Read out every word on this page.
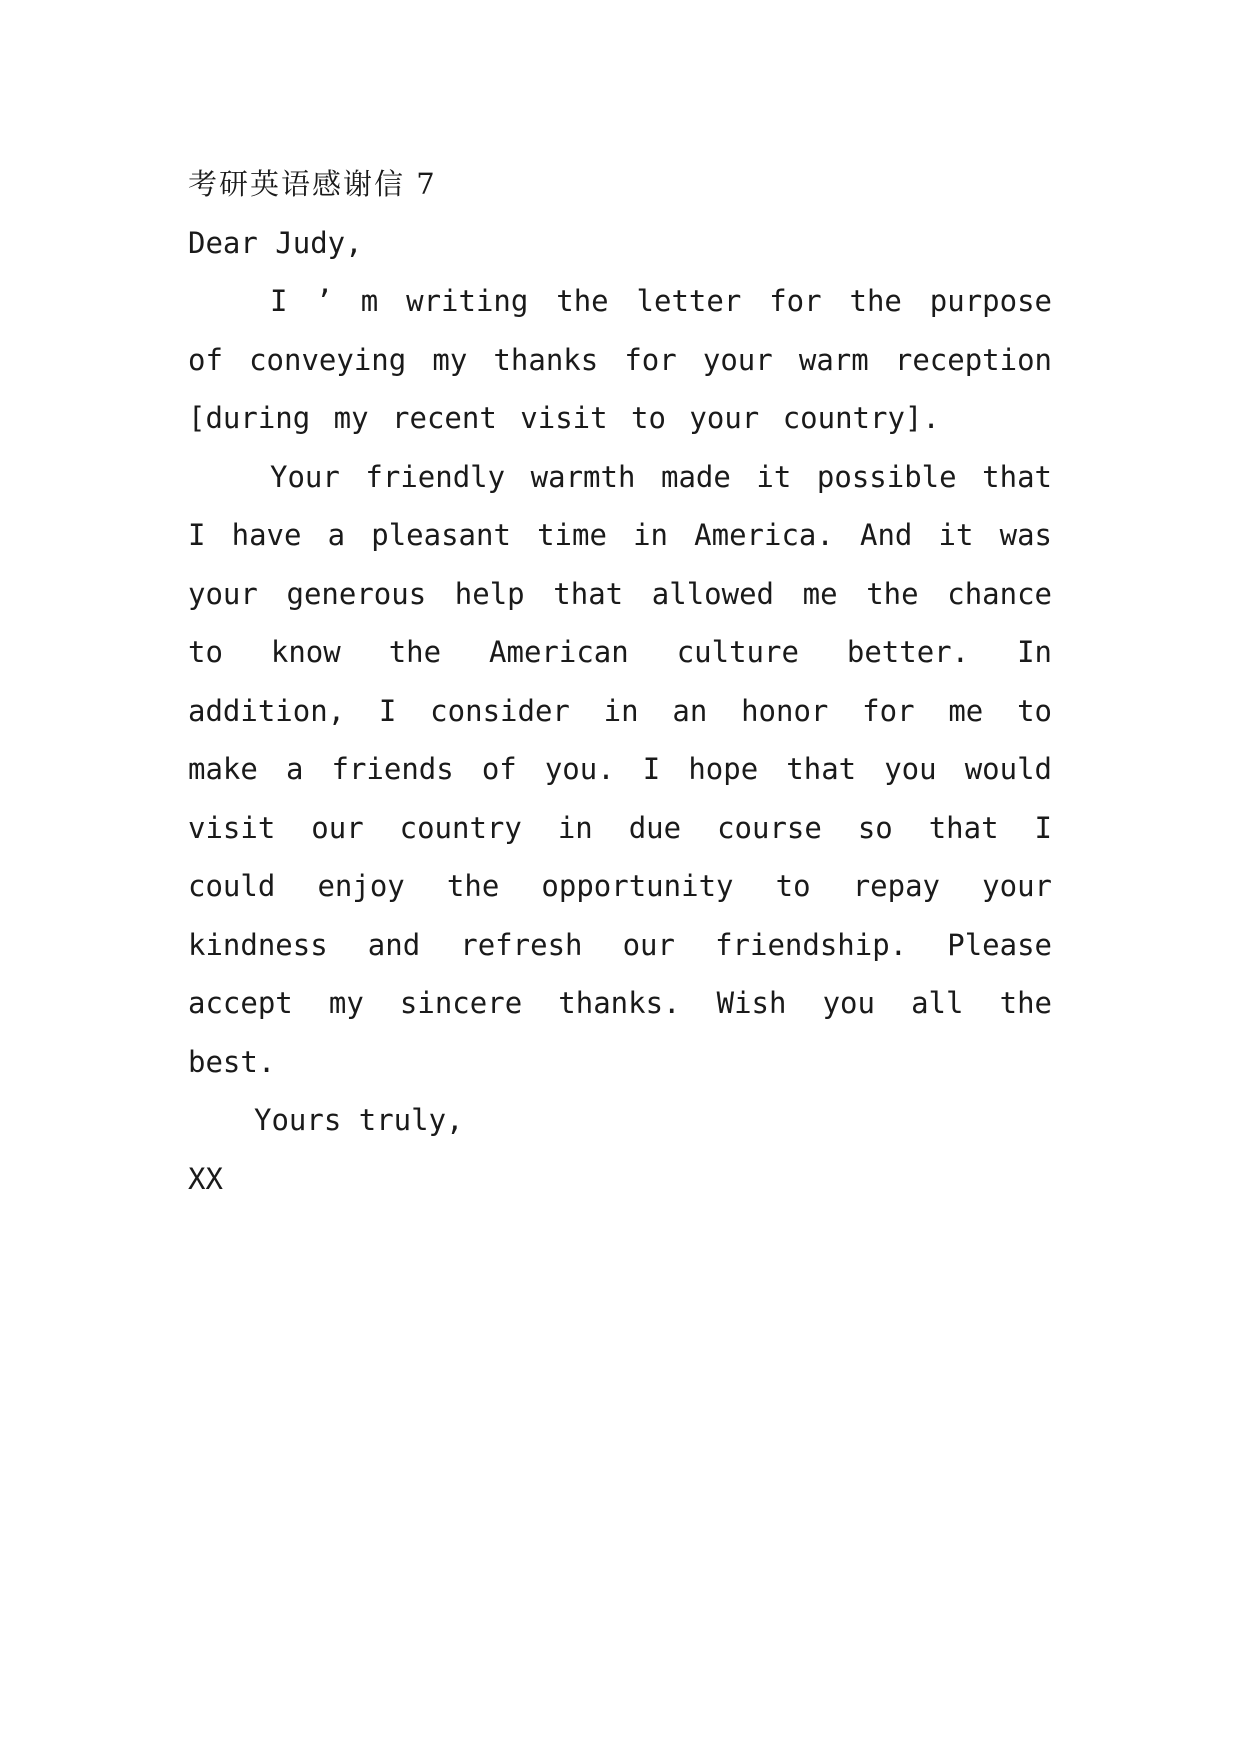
考研英语感谢信 7

Dear Judy,

I ’ m writing the letter for the purpose of conveying my thanks for your warm reception [during my recent visit to your country].

Your friendly warmth made it possible that I have a pleasant time in America. And it was your generous help that allowed me the chance to know the American culture better. In addition, I consider in an honor for me to make a friends of you. I hope that you would visit our country in due course so that I could enjoy the opportunity to repay your kindness and refresh our friendship. Please accept my sincere thanks. Wish you all the best.

Yours truly,

XX
